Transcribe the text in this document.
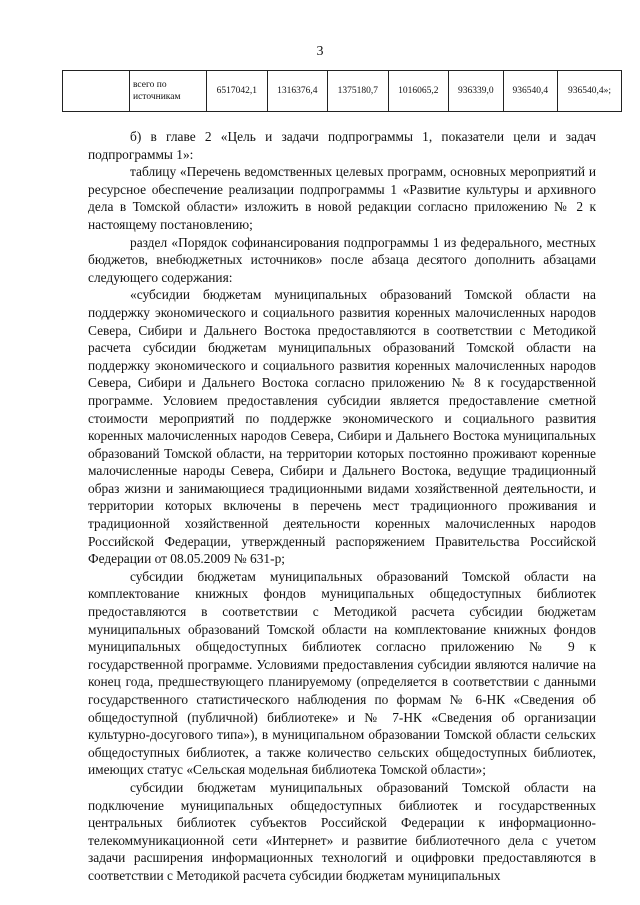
3
	всего по источникам	6517042,1	1316376,4	1375180,7	1016065,2	936339,0	936540,4	936540,4»;

б) в главе 2 «Цель и задачи подпрограммы 1, показатели цели и задач подпрограммы 1»:

таблицу «Перечень ведомственных целевых программ, основных мероприятий и ресурсное обеспечение реализации подпрограммы 1 «Развитие культуры и архивного дела в Томской области» изложить в новой редакции согласно приложению № 2 к настоящему постановлению;

раздел «Порядок софинансирования подпрограммы 1 из федерального, местных бюджетов, внебюджетных источников» после абзаца десятого дополнить абзацами следующего содержания:

«субсидии бюджетам муниципальных образований Томской области на поддержку экономического и социального развития коренных малочисленных народов Севера, Сибири и Дальнего Востока предоставляются в соответствии с Методикой расчета субсидии бюджетам муниципальных образований Томской области на поддержку экономического и социального развития коренных малочисленных народов Севера, Сибири и Дальнего Востока согласно приложению № 8 к государственной программе. Условием предоставления субсидии является предоставление сметной стоимости мероприятий по поддержке экономического и социального развития коренных малочисленных народов Севера, Сибири и Дальнего Востока муниципальных образований Томской области, на территории которых постоянно проживают коренные малочисленные народы Севера, Сибири и Дальнего Востока, ведущие традиционный образ жизни и занимающиеся традиционными видами хозяйственной деятельности, и территории которых включены в перечень мест традиционного проживания и традиционной хозяйственной деятельности коренных малочисленных народов Российской Федерации, утвержденный распоряжением Правительства Российской Федерации от 08.05.2009 № 631-р;

субсидии бюджетам муниципальных образований Томской области на комплектование книжных фондов муниципальных общедоступных библиотек предоставляются в соответствии с Методикой расчета субсидии бюджетам муниципальных образований Томской области на комплектование книжных фондов муниципальных общедоступных библиотек согласно приложению № 9 к государственной программе. Условиями предоставления субсидии являются наличие на конец года, предшествующего планируемому (определяется в соответствии с данными государственного статистического наблюдения по формам № 6-НК «Сведения об общедоступной (публичной) библиотеке» и № 7-НК «Сведения об организации культурно-досугового типа»), в муниципальном образовании Томской области сельских общедоступных библиотек, а также количество сельских общедоступных библиотек, имеющих статус «Сельская модельная библиотека Томской области»;

субсидии бюджетам муниципальных образований Томской области на подключение муниципальных общедоступных библиотек и государственных центральных библиотек субъектов Российской Федерации к информационно-телекоммуникационной сети «Интернет» и развитие библиотечного дела с учетом задачи расширения информационных технологий и оцифровки предоставляются в соответствии с Методикой расчета субсидии бюджетам муниципальных
